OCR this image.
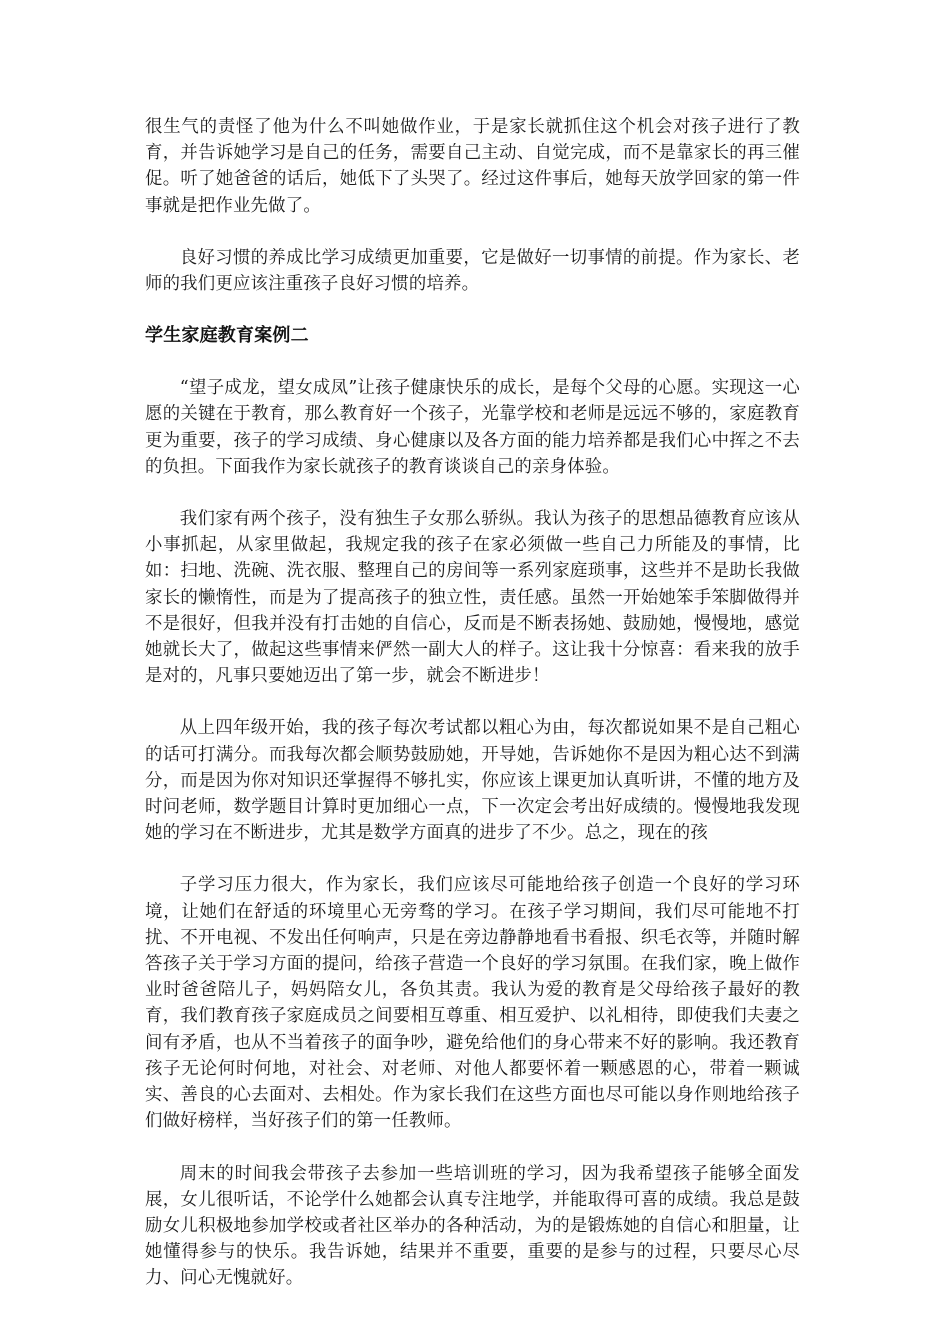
很生气的责怪了他为什么不叫她做作业，于是家长就抓住这个机会对孩子进行了教育，并告诉她学习是自己的任务，需要自己主动、自觉完成，而不是靠家长的再三催促。听了她爸爸的话后，她低下了头哭了。经过这件事后，她每天放学回家的第一件事就是把作业先做了。

良好习惯的养成比学习成绩更加重要，它是做好一切事情的前提。作为家长、老师的我们更应该注重孩子良好习惯的培养。

学生家庭教育案例二

“望子成龙，望女成凤”让孩子健康快乐的成长，是每个父母的心愿。实现这一心愿的关键在于教育，那么教育好一个孩子，光靠学校和老师是远远不够的，家庭教育更为重要，孩子的学习成绩、身心健康以及各方面的能力培养都是我们心中挥之不去的负担。下面我作为家长就孩子的教育谈谈自己的亲身体验。

我们家有两个孩子，没有独生子女那么骄纵。我认为孩子的思想品德教育应该从小事抓起，从家里做起，我规定我的孩子在家必须做一些自己力所能及的事情，比如：扫地、洗碗、洗衣服、整理自己的房间等一系列家庭琐事，这些并不是助长我做家长的懒惰性，而是为了提高孩子的独立性，责任感。虽然一开始她笨手笨脚做得并不是很好，但我并没有打击她的自信心，反而是不断表扬她、鼓励她，慢慢地，感觉她就长大了，做起这些事情来俨然一副大人的样子。这让我十分惊喜：看来我的放手是对的，凡事只要她迈出了第一步，就会不断进步！

从上四年级开始，我的孩子每次考试都以粗心为由，每次都说如果不是自己粗心的话可打满分。而我每次都会顺势鼓励她，开导她，告诉她你不是因为粗心达不到满分，而是因为你对知识还掌握得不够扎实，你应该上课更加认真听讲，不懂的地方及时问老师，数学题目计算时更加细心一点，下一次定会考出好成绩的。慢慢地我发现她的学习在不断进步，尤其是数学方面真的进步了不少。总之，现在的孩

子学习压力很大，作为家长，我们应该尽可能地给孩子创造一个良好的学习环境，让她们在舒适的环境里心无旁骛的学习。在孩子学习期间，我们尽可能地不打扰、不开电视、不发出任何响声，只是在旁边静静地看书看报、织毛衣等，并随时解答孩子关于学习方面的提问，给孩子营造一个良好的学习氛围。在我们家，晚上做作业时爸爸陪儿子，妈妈陪女儿，各负其责。我认为爱的教育是父母给孩子最好的教育，我们教育孩子家庭成员之间要相互尊重、相互爱护、以礼相待，即使我们夫妻之间有矛盾，也从不当着孩子的面争吵，避免给他们的身心带来不好的影响。我还教育孩子无论何时何地，对社会、对老师、对他人都要怀着一颗感恩的心，带着一颗诚实、善良的心去面对、去相处。作为家长我们在这些方面也尽可能以身作则地给孩子们做好榜样，当好孩子们的第一任教师。

周末的时间我会带孩子去参加一些培训班的学习，因为我希望孩子能够全面发展，女儿很听话，不论学什么她都会认真专注地学，并能取得可喜的成绩。我总是鼓励女儿积极地参加学校或者社区举办的各种活动，为的是锻炼她的自信心和胆量，让她懂得参与的快乐。我告诉她，结果并不重要，重要的是参与的过程，只要尽心尽力、问心无愧就好。
